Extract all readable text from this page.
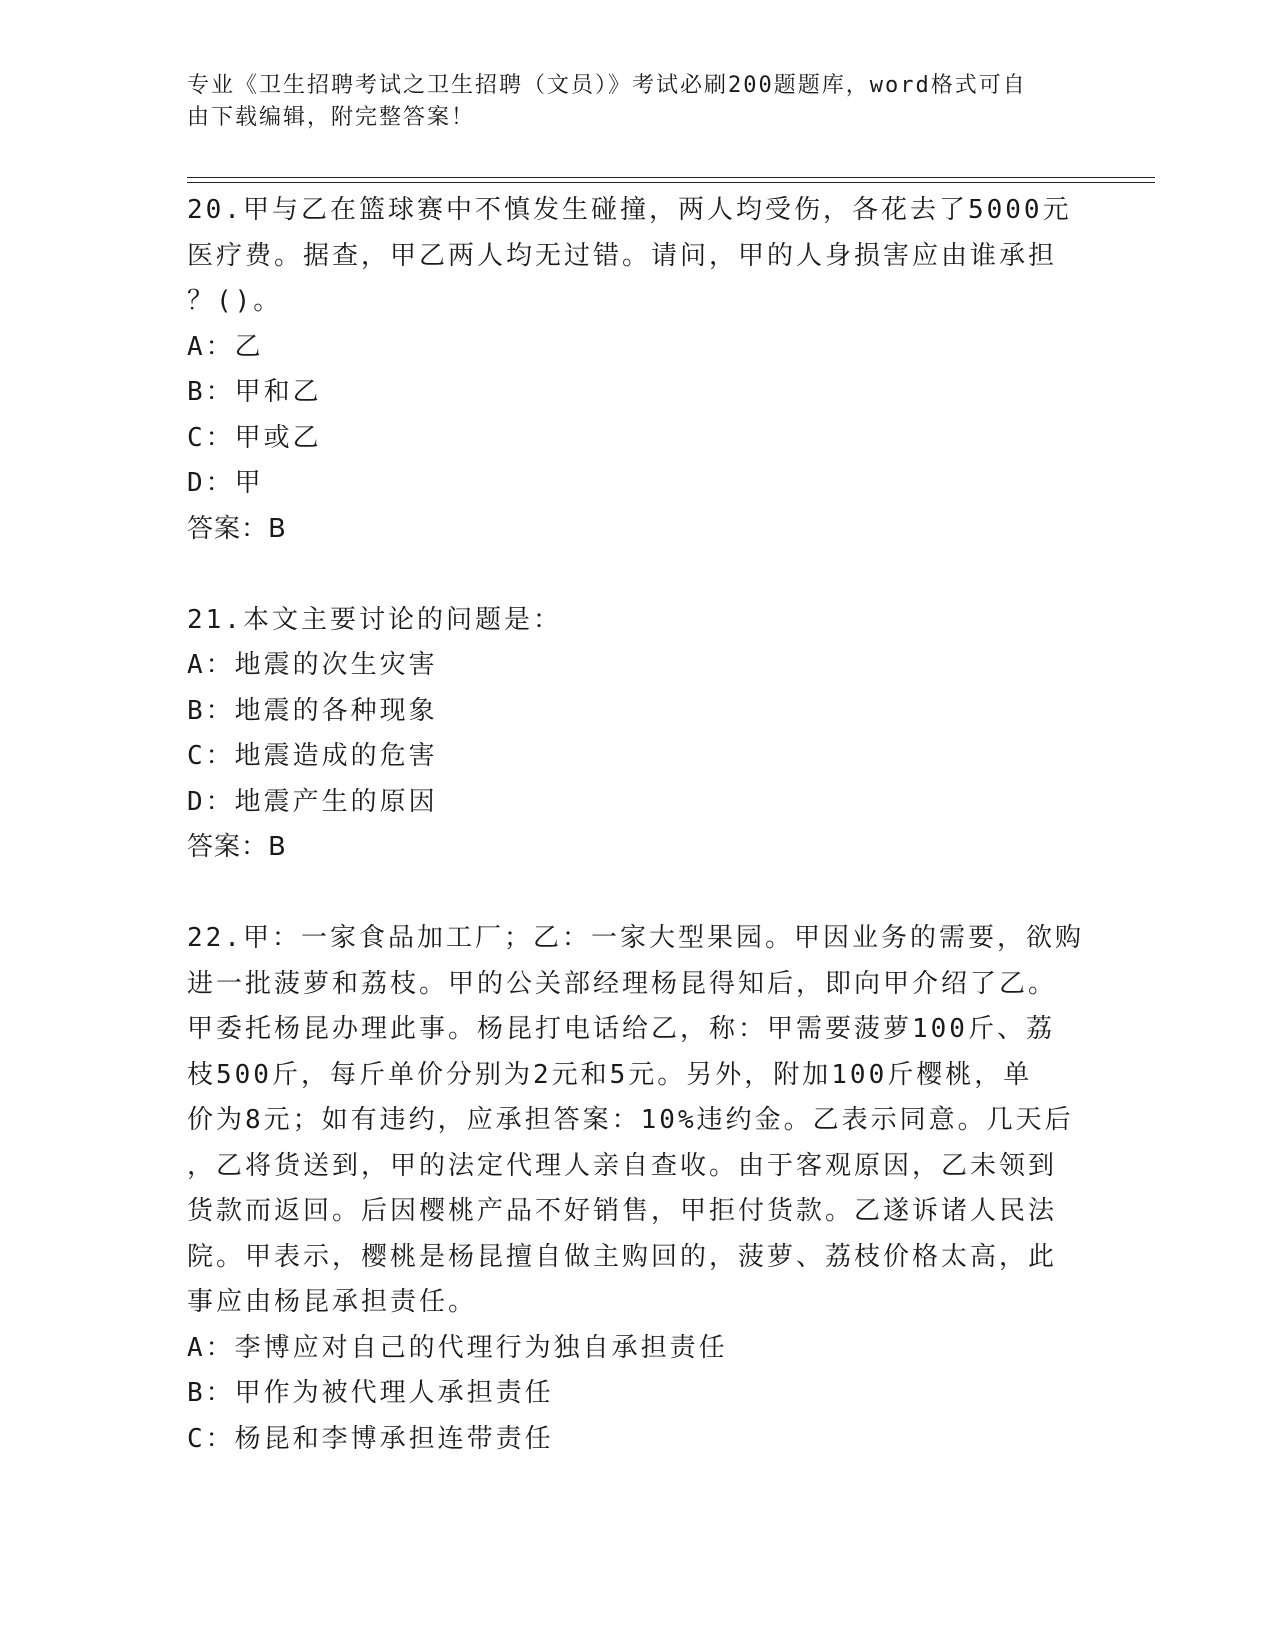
专业《卫生招聘考试之卫生招聘（文员）》考试必刷200题题库，word格式可自
由下载编辑，附完整答案！
20.甲与乙在篮球赛中不慎发生碰撞，两人均受伤，各花去了5000元
医疗费。据查，甲乙两人均无过错。请问，甲的人身损害应由谁承担
？()。
A：乙
B：甲和乙
C：甲或乙
D：甲
答案：B
21.本文主要讨论的问题是：
A：地震的次生灾害
B：地震的各种现象
C：地震造成的危害
D：地震产生的原因
答案：B
22.甲：一家食品加工厂；乙：一家大型果园。甲因业务的需要，欲购
进一批菠萝和荔枝。甲的公关部经理杨昆得知后，即向甲介绍了乙。
甲委托杨昆办理此事。杨昆打电话给乙，称：甲需要菠萝100斤、荔
枝500斤，每斤单价分别为2元和5元。另外，附加100斤樱桃，单
价为8元；如有违约，应承担答案：10%违约金。乙表示同意。几天后
，乙将货送到，甲的法定代理人亲自查收。由于客观原因，乙未领到
货款而返回。后因樱桃产品不好销售，甲拒付货款。乙遂诉诸人民法
院。甲表示，樱桃是杨昆擅自做主购回的，菠萝、荔枝价格太高，此
事应由杨昆承担责任。
A：李博应对自己的代理行为独自承担责任
B：甲作为被代理人承担责任
C：杨昆和李博承担连带责任
